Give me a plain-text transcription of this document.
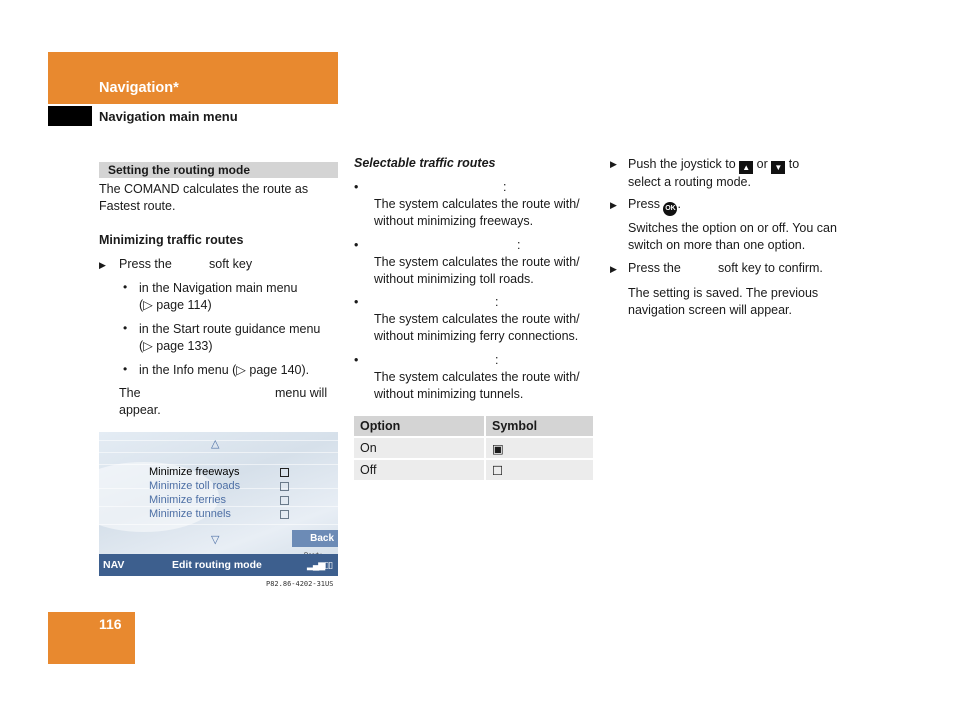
Navigation*
Navigation main menu
Setting the routing mode
The COMAND calculates the route as
Fastest route.
Minimizing traffic routes
▶ Press the	soft key
• in the Navigation main menu
(▷ page 114)
• in the Start route guidance menu
(▷ page 133)
• in the Info menu (▷ page 140).
The	menu will
appear.
△
Minimize freeways
Minimize toll roads
Minimize ferries
Minimize tunnels
▽	Back
NAV	Edit routing mode	▂▄▆▯▯
P82.86-4202-31US
Selectable traffic routes
•	:
The system calculates the route with/
without minimizing freeways.
•	:
The system calculates the route with/
without minimizing toll roads.
•	:
The system calculates the route with/
without minimizing ferry connections.
•	:
The system calculates the route with/
without minimizing tunnels.
Option	Symbol
On	▣
Off	☐
▶ Push the joystick to ▲ or ▼ to
select a routing mode.
▶ Press OK .
Switches the option on or off. You can
switch on more than one option.
▶ Press the	soft key to confirm.
The setting is saved. The previous
navigation screen will appear.
116
